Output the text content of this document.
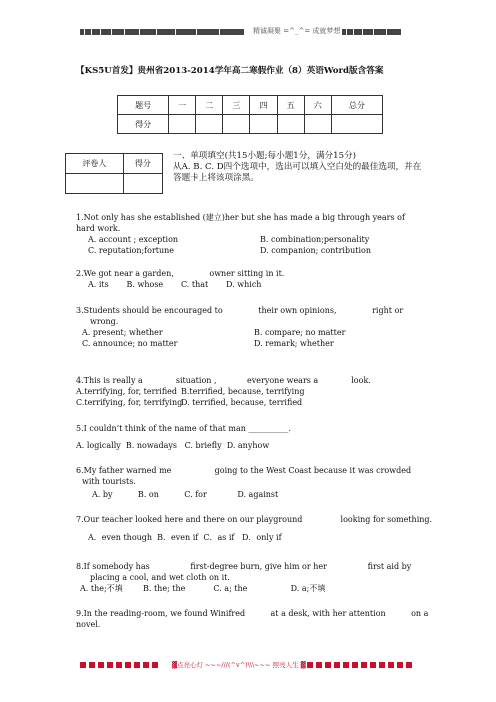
精诚凝聚 =^_^= 成就梦想
【KS5U首发】贵州省2013-2014学年高二寒假作业（8）英语Word版含答案
题号	一	二	三	四	五	六	总分
得分							
评卷人	得分

一、单项填空(共15小题;每小题1分，满分15分)
从A. B. C. D四个选项中，选出可以填入空白处的最佳选项，并在答题卡上将该项涂黑。
1.Not only has she established (建立)her but she has made a big through years of hard work.
A. account ; exception	B. combination;personality
C. reputation;fortune	D. companion; contribution
2.We got near a garden,              owner sitting in it.
A. its       B. whose       C. that       D. which
3.Students should be encouraged to              their own opinions,              right or
wrong.
A. present; whether	B. compare; no matter
C. announce; no matter	D. remark; whether
4.This is really a             situation ,            everyone wears a             look.
A.terrifying, for, terrified B.terrified, because, terrifying
C.terrifying, for, terrifyingD. terrified, because, terrified
5.I couldn’t think of the name of that man __________.
A. logically  B. nowadays   C. briefly  D. anyhow
6.My father warned me                 going to the West Coast because it was crowded
with tourists.
A. by          B. on          C. for            D. against
7.Our teacher looked here and there on our playground               looking for something.
A．even though  B．even if  C．as if   D．only if
8.If somebody has                first-degree burn, give him or her                first aid by
placing a cool, and wet cloth on it.
A. the;不填        B. the; the           C. a; the                 D. a;不填
9.In the reading-room, we found Winifred          at a desk, with her attention          on a
novel.
▓点亮心灯 ~~~///(^v^)\\\~~~ 照亮人生 ▓
